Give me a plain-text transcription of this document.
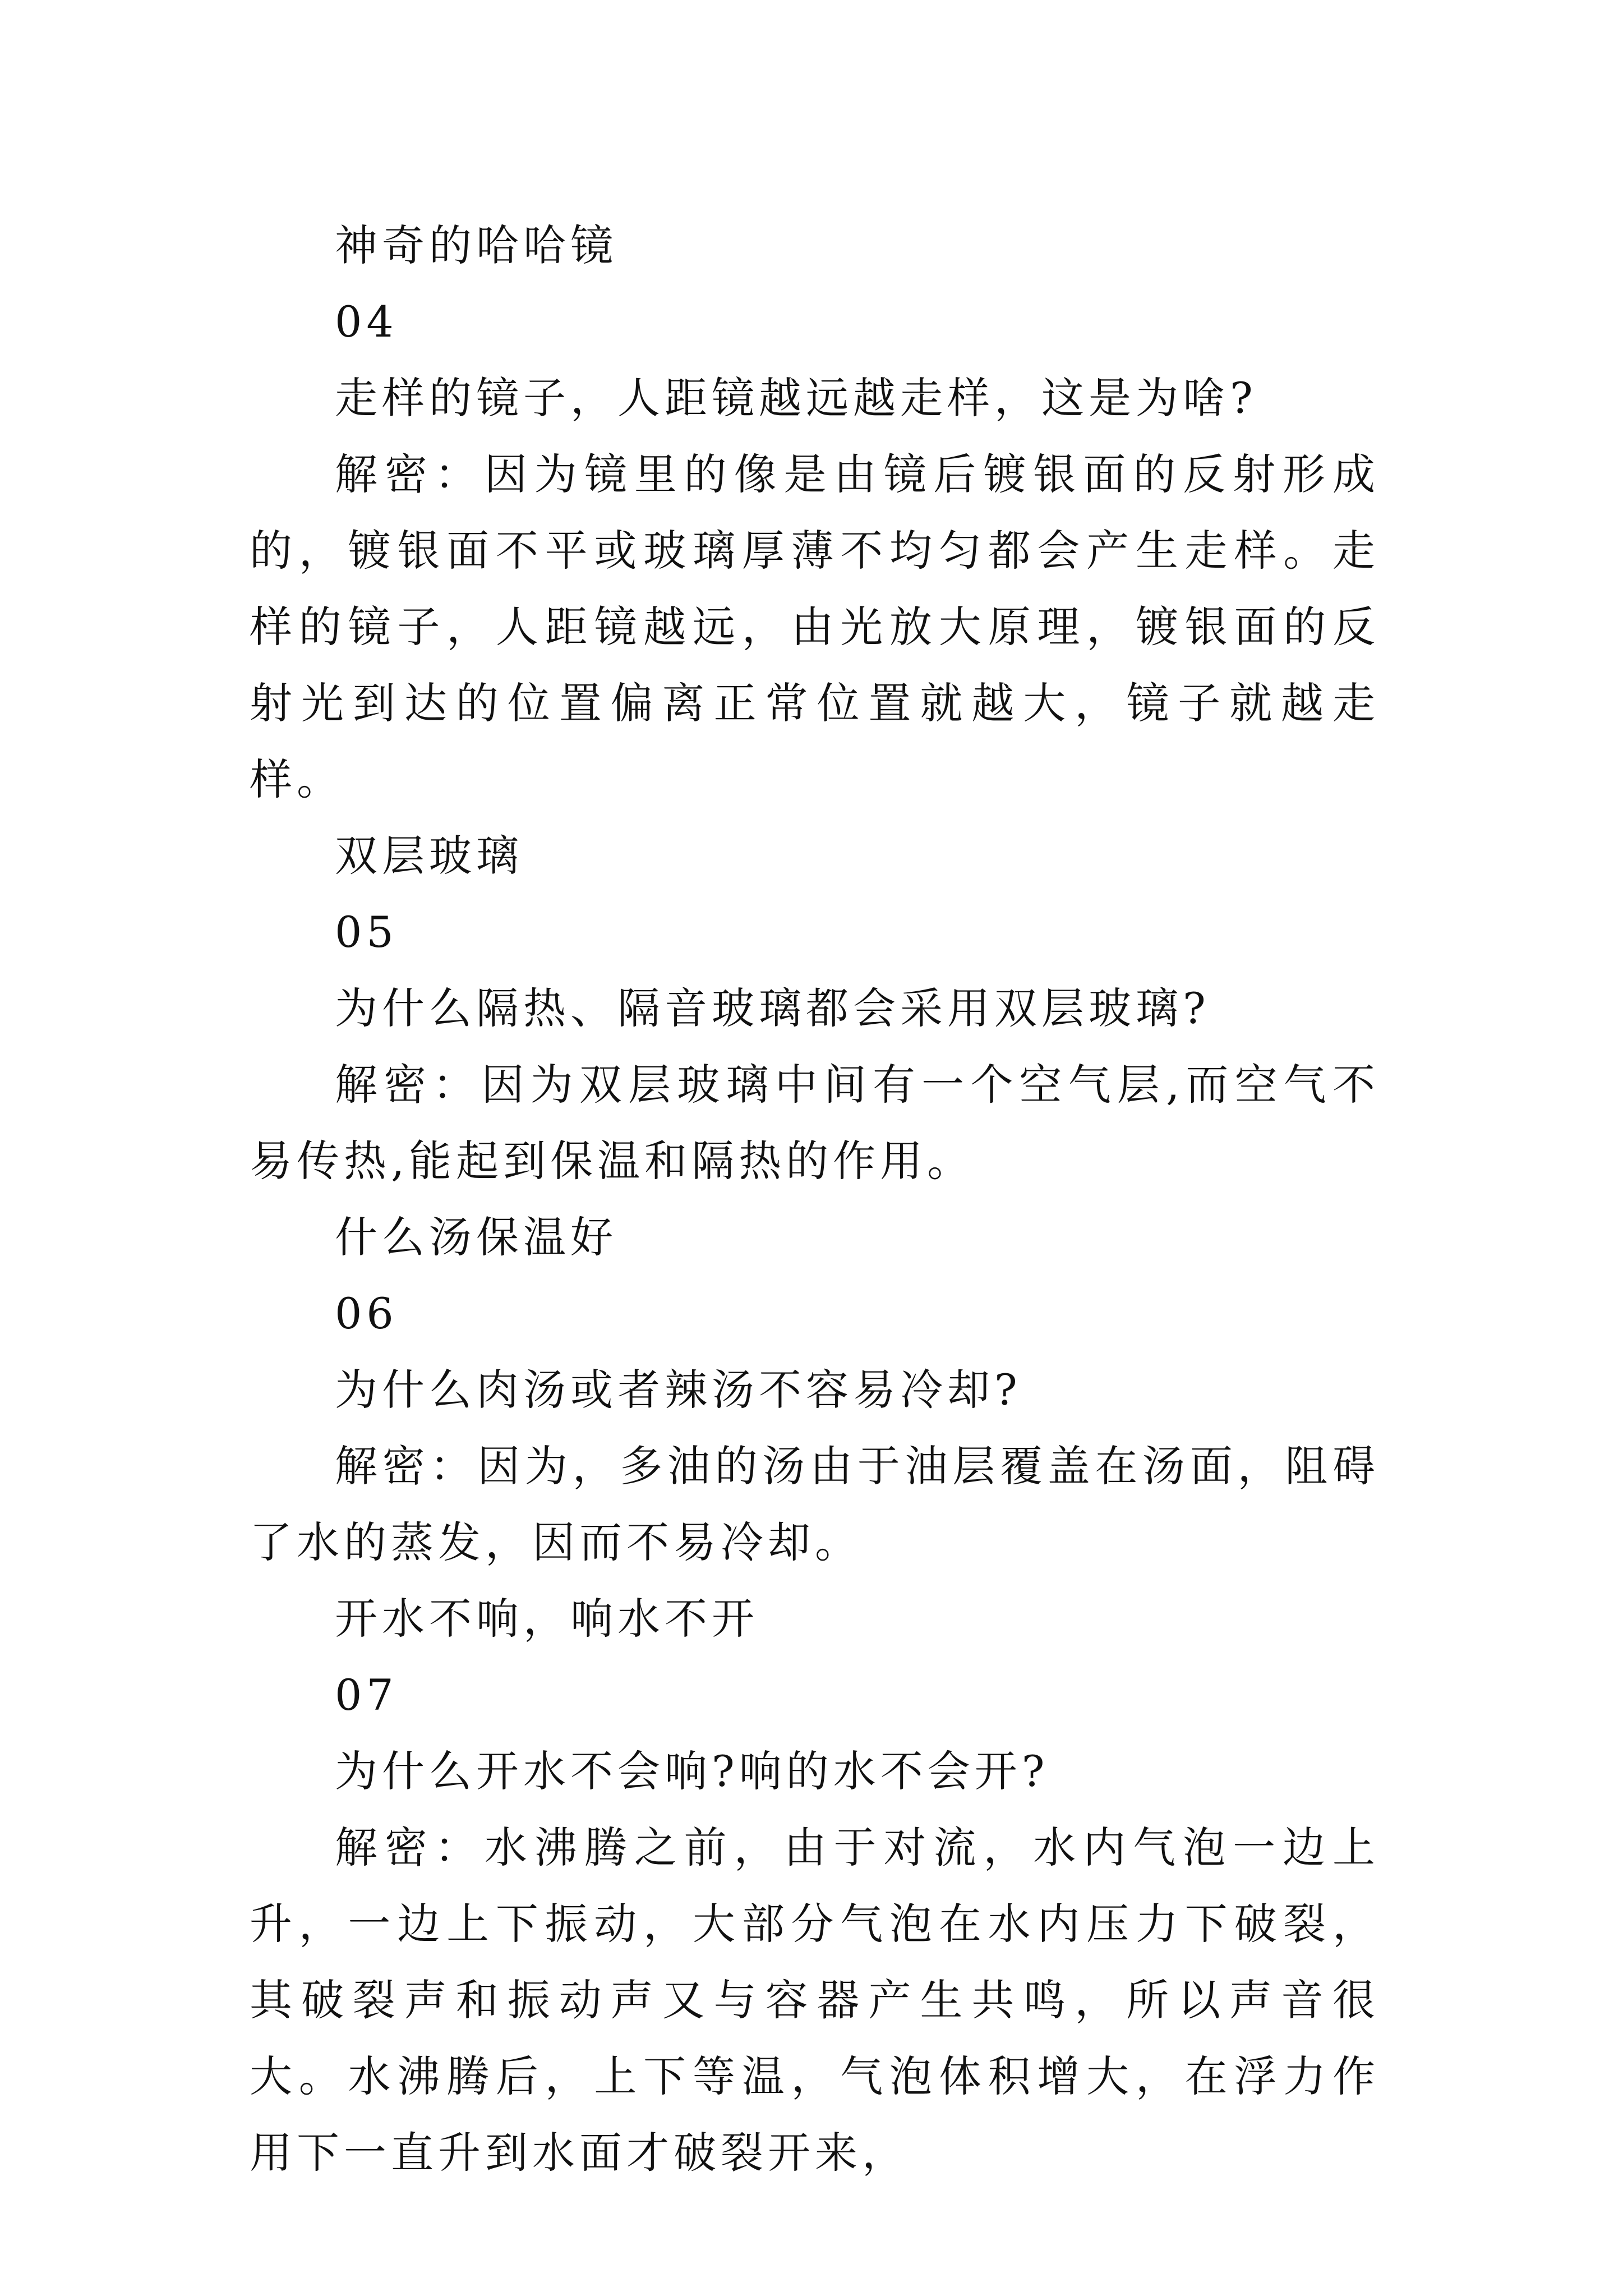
神奇的哈哈镜

04

走样的镜子，人距镜越远越走样，这是为啥?

解密：因为镜里的像是由镜后镀银面的反射形成的，镀银面不平或玻璃厚薄不均匀都会产生走样。走样的镜子，人距镜越远，由光放大原理，镀银面的反射光到达的位置偏离正常位置就越大，镜子就越走样。

双层玻璃

05

为什么隔热、隔音玻璃都会采用双层玻璃?

解密：因为双层玻璃中间有一个空气层,而空气不易传热,能起到保温和隔热的作用。

什么汤保温好

06

为什么肉汤或者辣汤不容易冷却?

解密：因为，多油的汤由于油层覆盖在汤面，阻碍了水的蒸发，因而不易冷却。

开水不响，响水不开

07

为什么开水不会响?响的水不会开?

解密：水沸腾之前，由于对流，水内气泡一边上升，一边上下振动，大部分气泡在水内压力下破裂，其破裂声和振动声又与容器产生共鸣，所以声音很大。水沸腾后，上下等温，气泡体积增大，在浮力作用下一直升到水面才破裂开来，
